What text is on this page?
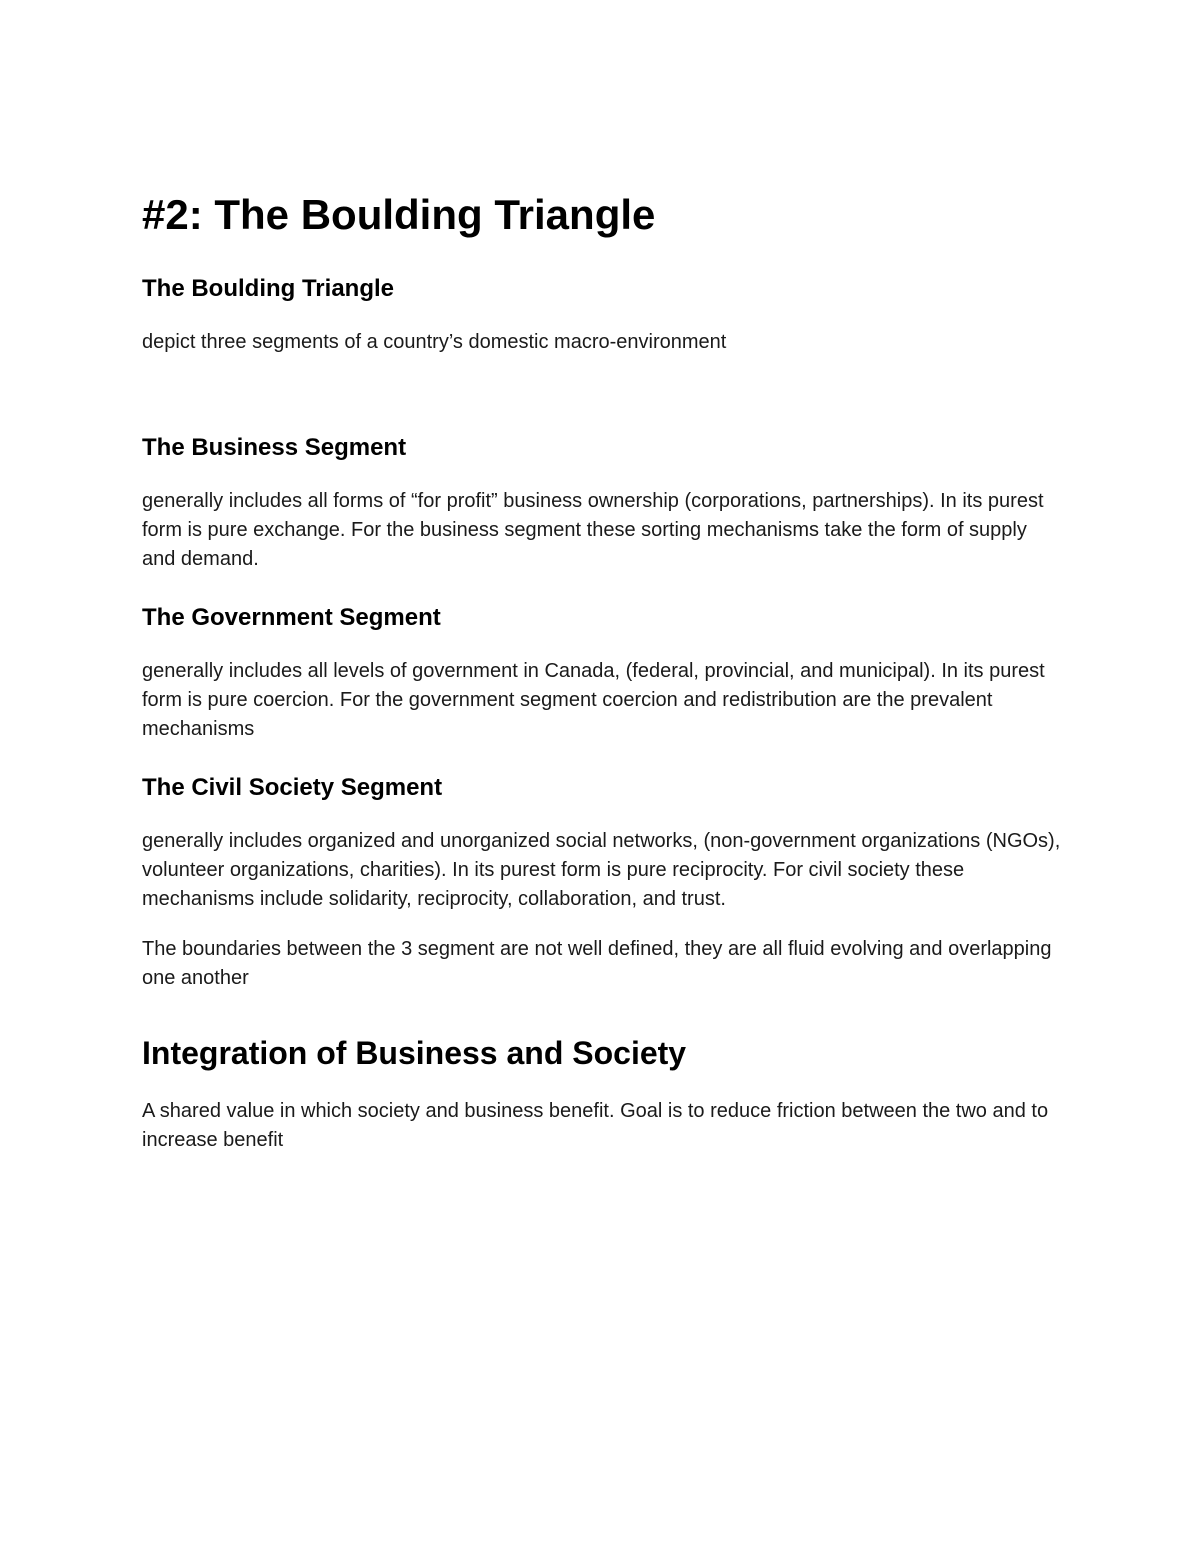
#2: The Boulding Triangle
The Boulding Triangle

depict three segments of a country’s domestic macro-environment

The Business Segment

generally includes all forms of “for profit” business ownership (corporations, partnerships). In its purest form is pure exchange. For the business segment these sorting mechanisms take the form of supply and demand.

The Government Segment

generally includes all levels of government in Canada, (federal, provincial, and municipal). In its purest form is pure coercion. For the government segment coercion and redistribution are the prevalent mechanisms

The Civil Society Segment

generally includes organized and unorganized social networks, (non-government organizations (NGOs), volunteer organizations, charities). In its purest form is pure reciprocity. For civil society these mechanisms include solidarity, reciprocity, collaboration, and trust.

The boundaries between the 3 segment are not well defined, they are all fluid evolving and overlapping one another

Integration of Business and Society

A shared value in which society and business benefit. Goal is to reduce friction between the two and to increase benefit
